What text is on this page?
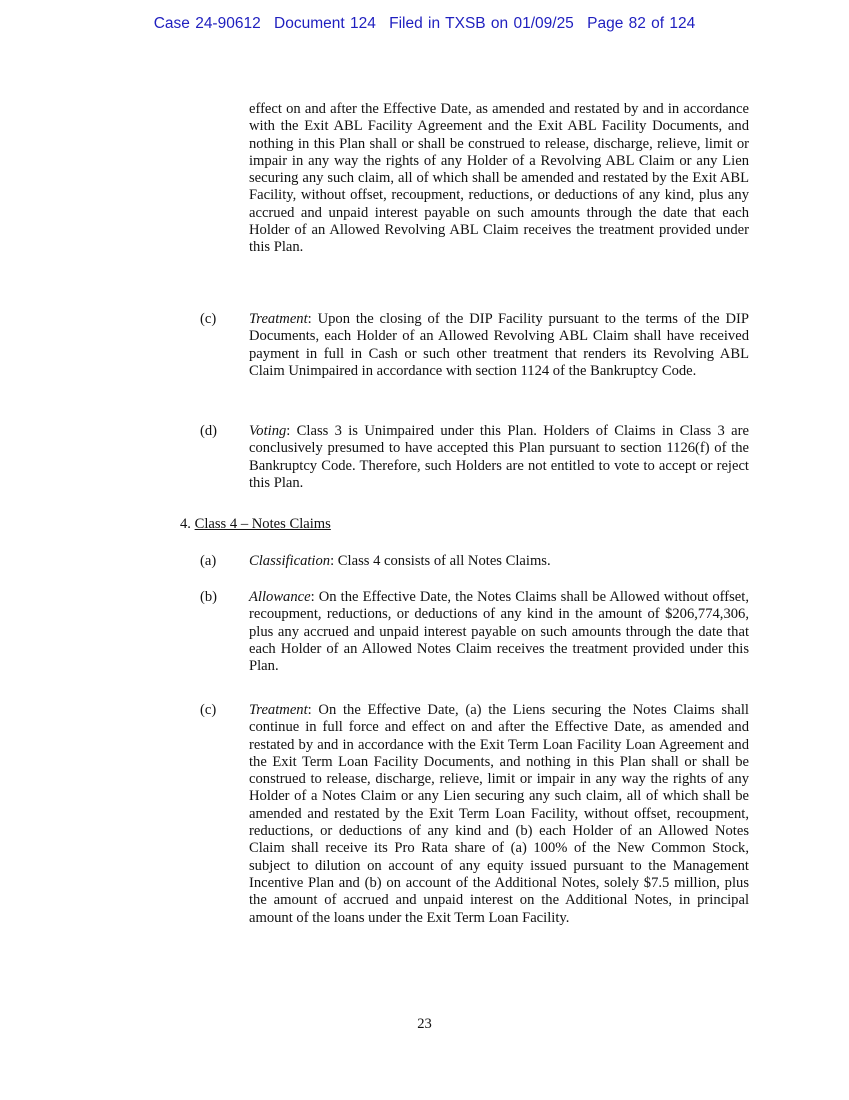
Case 24-90612 Document 124 Filed in TXSB on 01/09/25 Page 82 of 124
effect on and after the Effective Date, as amended and restated by and in accordance with the Exit ABL Facility Agreement and the Exit ABL Facility Documents, and nothing in this Plan shall or shall be construed to release, discharge, relieve, limit or impair in any way the rights of any Holder of a Revolving ABL Claim or any Lien securing any such claim, all of which shall be amended and restated by the Exit ABL Facility, without offset, recoupment, reductions, or deductions of any kind, plus any accrued and unpaid interest payable on such amounts through the date that each Holder of an Allowed Revolving ABL Claim receives the treatment provided under this Plan.
(c) Treatment: Upon the closing of the DIP Facility pursuant to the terms of the DIP Documents, each Holder of an Allowed Revolving ABL Claim shall have received payment in full in Cash or such other treatment that renders its Revolving ABL Claim Unimpaired in accordance with section 1124 of the Bankruptcy Code.
(d) Voting: Class 3 is Unimpaired under this Plan. Holders of Claims in Class 3 are conclusively presumed to have accepted this Plan pursuant to section 1126(f) of the Bankruptcy Code. Therefore, such Holders are not entitled to vote to accept or reject this Plan.
4. Class 4 – Notes Claims
(a) Classification: Class 4 consists of all Notes Claims.
(b) Allowance: On the Effective Date, the Notes Claims shall be Allowed without offset, recoupment, reductions, or deductions of any kind in the amount of $206,774,306, plus any accrued and unpaid interest payable on such amounts through the date that each Holder of an Allowed Notes Claim receives the treatment provided under this Plan.
(c) Treatment: On the Effective Date, (a) the Liens securing the Notes Claims shall continue in full force and effect on and after the Effective Date, as amended and restated by and in accordance with the Exit Term Loan Facility Loan Agreement and the Exit Term Loan Facility Documents, and nothing in this Plan shall or shall be construed to release, discharge, relieve, limit or impair in any way the rights of any Holder of a Notes Claim or any Lien securing any such claim, all of which shall be amended and restated by the Exit Term Loan Facility, without offset, recoupment, reductions, or deductions of any kind and (b) each Holder of an Allowed Notes Claim shall receive its Pro Rata share of (a) 100% of the New Common Stock, subject to dilution on account of any equity issued pursuant to the Management Incentive Plan and (b) on account of the Additional Notes, solely $7.5 million, plus the amount of accrued and unpaid interest on the Additional Notes, in principal amount of the loans under the Exit Term Loan Facility.
23
